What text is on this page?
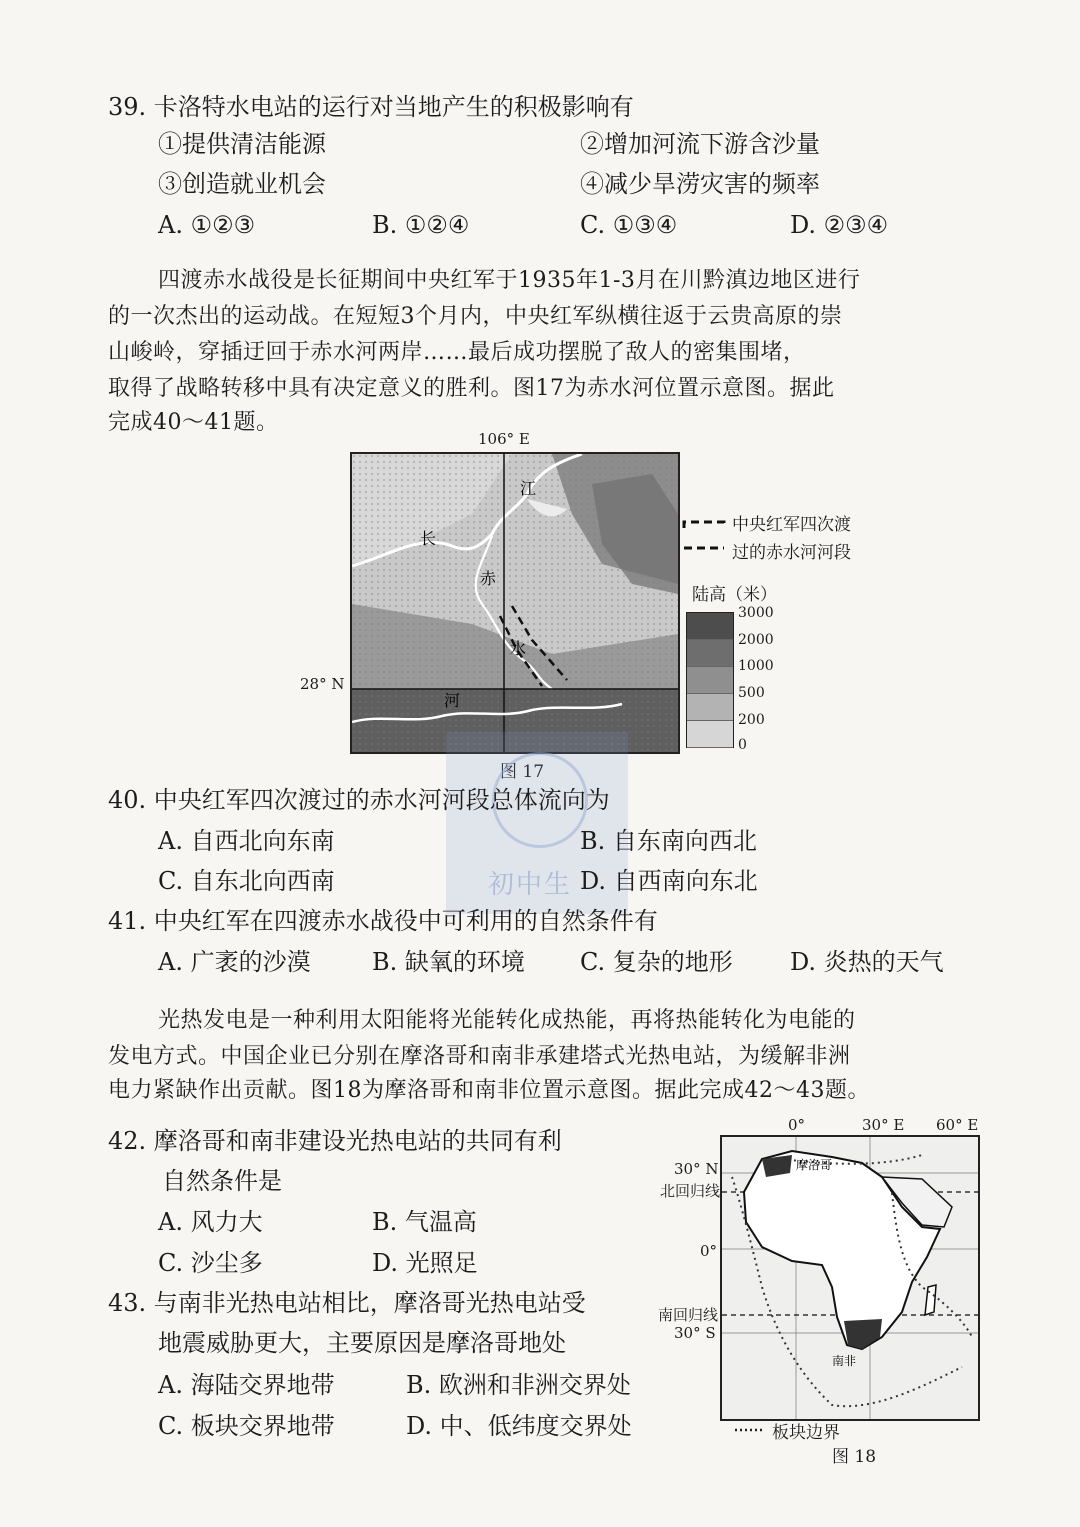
39. 卡洛特水电站的运行对当地产生的积极影响有
①提供清洁能源	②增加河流下游含沙量
③创造就业机会	④减少旱涝灾害的频率
A. ①②③	B. ①②④	C. ①③④	D. ②③④
四渡赤水战役是长征期间中央红军于1935年1-3月在川黔滇边地区进行
的一次杰出的运动战。在短短3个月内，中央红军纵横往返于云贵高原的崇
山峻岭，穿插迂回于赤水河两岸……最后成功摆脱了敌人的密集围堵，
取得了战略转移中具有决定意义的胜利。图17为赤水河位置示意图。据此
完成40～41题。
106° E
28° N
江
长
赤
水
河
图 17
中央红军四次渡
过的赤水河河段
陆高（米）
3000
2000
1000
500
200
0
初中生
40. 中央红军四次渡过的赤水河河段总体流向为
A. 自西北向东南	B. 自东南向西北
C. 自东北向西南	D. 自西南向东北
41. 中央红军在四渡赤水战役中可利用的自然条件有
A. 广袤的沙漠	B. 缺氧的环境 C. 复杂的地形 D. 炎热的天气
光热发电是一种利用太阳能将光能转化成热能，再将热能转化为电能的
发电方式。中国企业已分别在摩洛哥和南非承建塔式光热电站，为缓解非洲
电力紧缺作出贡献。图18为摩洛哥和南非位置示意图。据此完成42～43题。
42. 摩洛哥和南非建设光热电站的共同有利
自然条件是
A. 风力大	B. 气温高
C. 沙尘多	D. 光照足
43. 与南非光热电站相比，摩洛哥光热电站受
地震威胁更大，主要原因是摩洛哥地处
A. 海陆交界地带	B. 欧洲和非洲交界处
C. 板块交界地带	D. 中、低纬度交界处
0°	30° E 60° E
30° N
北回归线
0°
南回归线
30° S
摩洛哥
南非
板块边界
图 18
